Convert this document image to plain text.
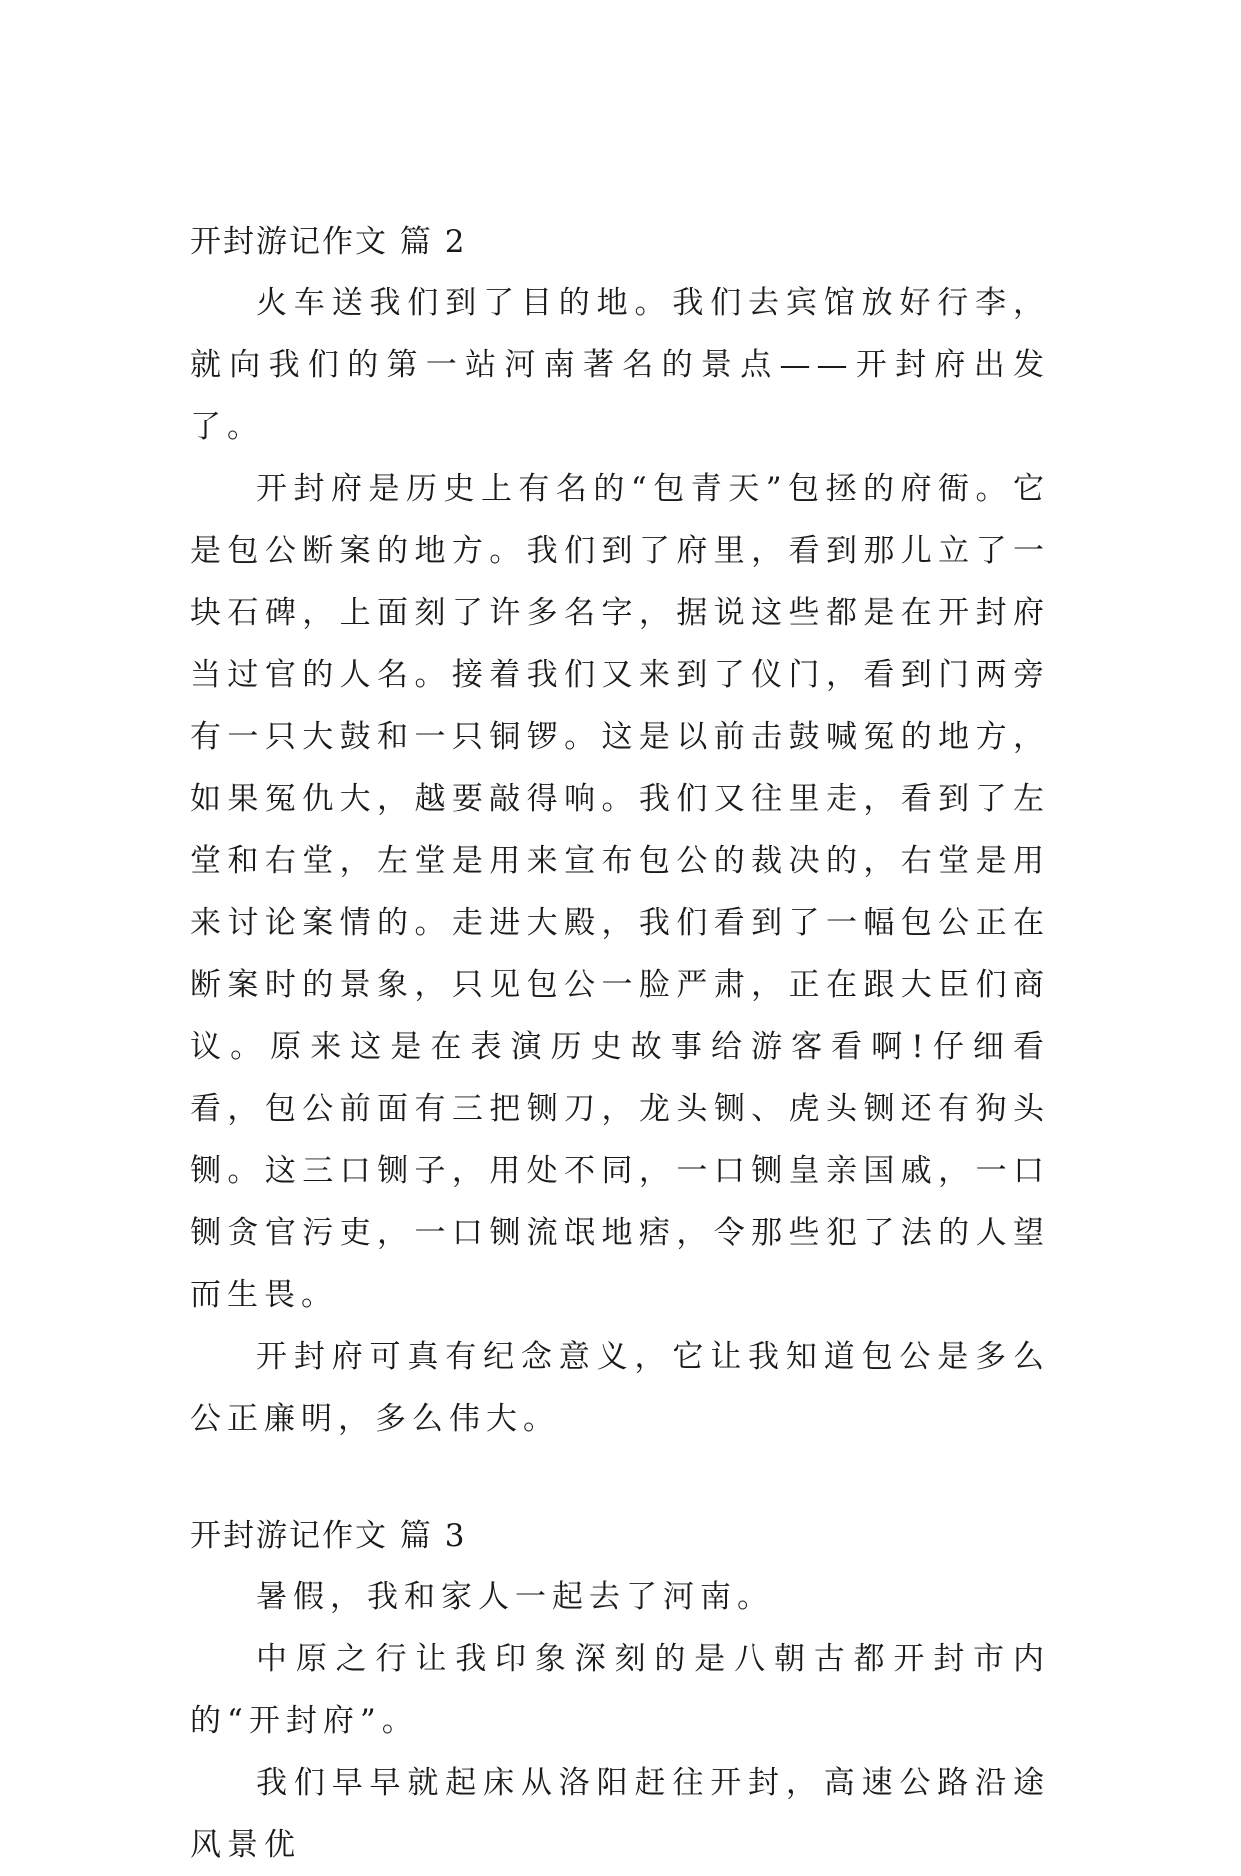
开封游记作文 篇 2

火车送我们到了目的地。我们去宾馆放好行李，就向我们的第一站河南著名的景点——开封府出发了。

开封府是历史上有名的“包青天”包拯的府衙。它是包公断案的地方。我们到了府里，看到那儿立了一块石碑，上面刻了许多名字，据说这些都是在开封府当过官的人名。接着我们又来到了仪门，看到门两旁有一只大鼓和一只铜锣。这是以前击鼓喊冤的地方，如果冤仇大，越要敲得响。我们又往里走，看到了左堂和右堂，左堂是用来宣布包公的裁决的，右堂是用来讨论案情的。走进大殿，我们看到了一幅包公正在断案时的景象，只见包公一脸严肃，正在跟大臣们商议。原来这是在表演历史故事给游客看啊!仔细看看，包公前面有三把铡刀，龙头铡、虎头铡还有狗头铡。这三口铡子，用处不同，一口铡皇亲国戚，一口铡贪官污吏，一口铡流氓地痞，令那些犯了法的人望而生畏。

开封府可真有纪念意义，它让我知道包公是多么公正廉明，多么伟大。

开封游记作文 篇 3

暑假，我和家人一起去了河南。

中原之行让我印象深刻的是八朝古都开封市内的“开封府”。

我们早早就起床从洛阳赶往开封，高速公路沿途风景优
